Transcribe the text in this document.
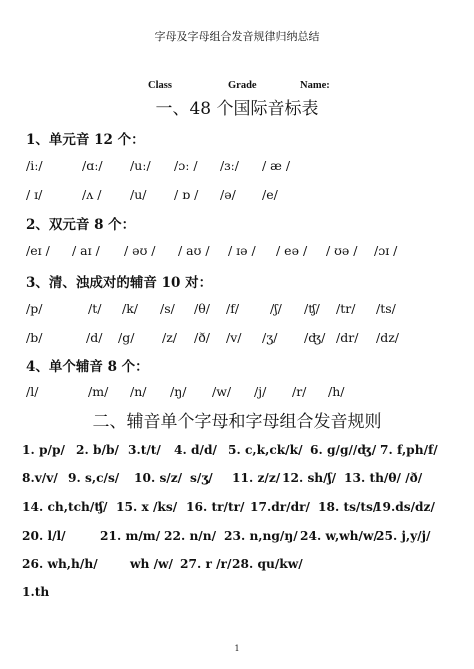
字母及字母组合发音规律归纳总结
Class	Grade	Name:
一、48 个国际音标表
1、单元音 12 个：
/iː/	/ɑː/ /uː/ /ɔː / /ɜː/ / æ /
/ ɪ/	/ʌ / /u/ / ɒ / /ə/ /e/
2、双元音 8 个：
/eɪ / / aɪ / / əʊ / / aʊ / / ɪə / / eə / / ʊə / /ɔɪ /
3、清、浊成对的辅音 10 对：
/p/	/t/ /k/ /s/ /θ/ /f/ /ʃ/ /ʧ/ /tr/ /ts/
/b/	/d/ /g/ /z/ /ð/ /v/ /ʒ/ /ʤ/ /dr/ /dz/
4、单个辅音 8 个：
/l/	/m/ /n/ /ŋ/ /w/ /j/ /r/ /h/
二、辅音单个字母和字母组合发音规则
1. p/p/ 2. b/b/ 3.t/t/ 4. d/d/ 5. c,k,ck/k/ 6. g/g//ʤ/ 7. f,ph/f/
8.v/v/ 9. s,c/s/ 10. s/z/ s/ʒ/ 11. z/z/ 12. sh/ʃ/ 13. th/θ/ /ð/
14. ch,tch/ʧ/ 15. x /ks/ 16. tr/tr/ 17.dr/dr/ 18. ts/ts/
19.ds/dz/
20. l/l/	21. m/m/ 22. n/n/ 23. n,ng/ŋ/ 24. w,wh/w/
25. j,y/j/
26. wh,h/h/	wh /w/ 27. r /r/ 28. qu/kw/
1.th
1
